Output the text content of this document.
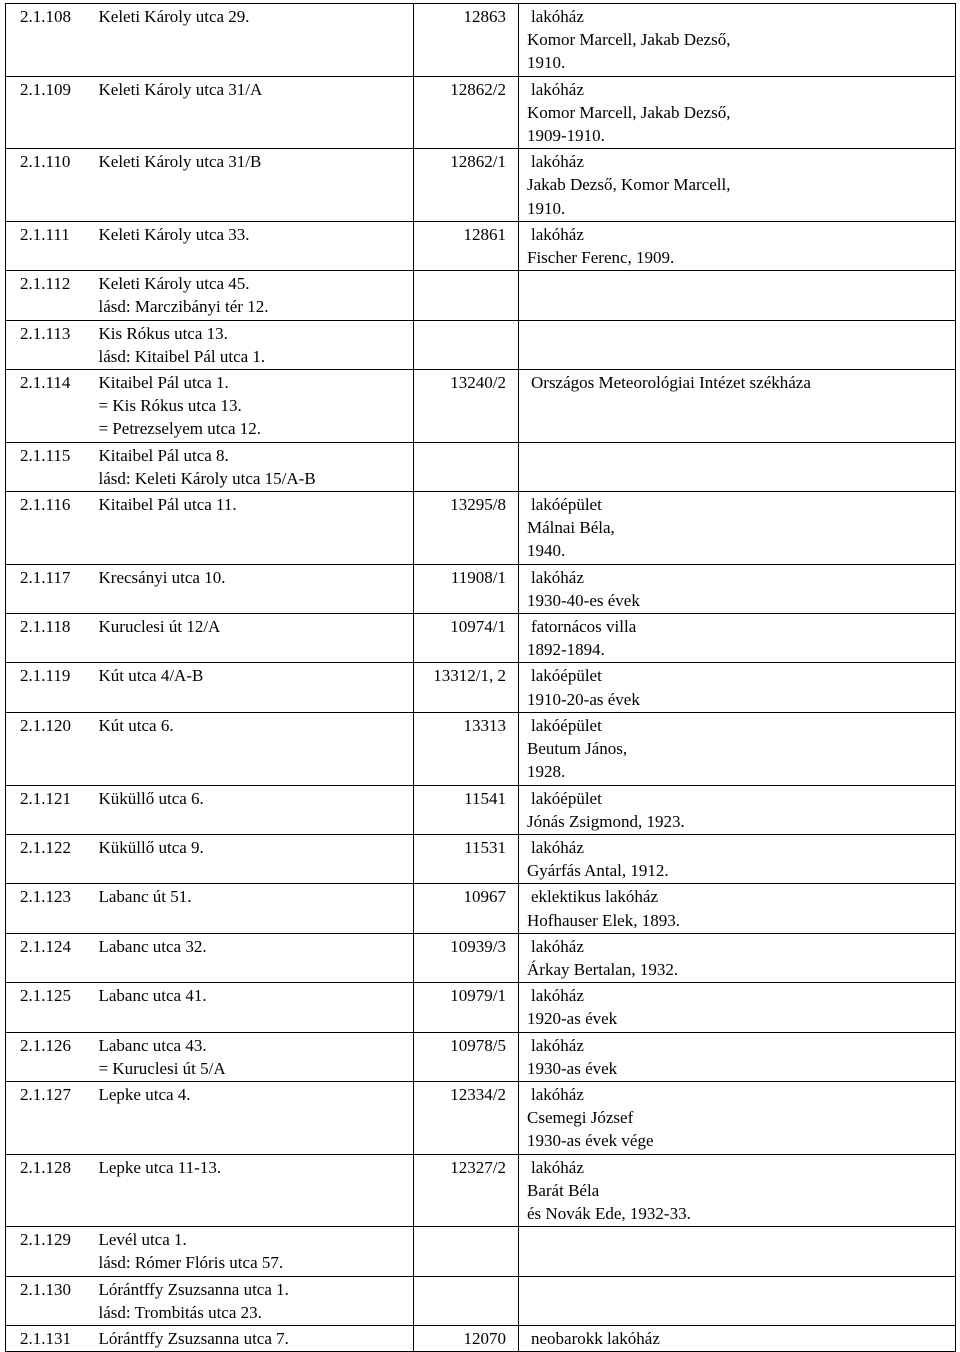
2.1.108	Keleti Károly utca 29.	12863	lakóház
Komor Marcell, Jakab Dezső,
1910.

2.1.109	Keleti Károly utca 31/A	12862/2	lakóház
Komor Marcell, Jakab Dezső,
1909-1910.

2.1.110	Keleti Károly utca 31/B	12862/1	lakóház
Jakab Dezső, Komor Marcell,
1910.

2.1.111	Keleti Károly utca 33.	12861	lakóház
Fischer Ferenc, 1909.

2.1.112	Keleti Károly utca 45.
lásd: Marczibányi tér 12.		

2.1.113	Kis Rókus utca 13.
lásd: Kitaibel Pál utca 1.		

2.1.114	Kitaibel Pál utca 1.
= Kis Rókus utca 13.
= Petrezselyem utca 12.	13240/2	Országos Meteorológiai Intézet székháza

2.1.115	Kitaibel Pál utca 8.
lásd: Keleti Károly utca 15/A-B		

2.1.116	Kitaibel Pál utca 11.	13295/8	lakóépület
Málnai Béla,
1940.

2.1.117	Krecsányi utca 10.	11908/1	lakóház
1930-40-es évek

2.1.118	Kuruclesi út 12/A	10974/1	fatornácos villa
1892-1894.

2.1.119	Kút utca 4/A-B	13312/1, 2	lakóépület
1910-20-as évek

2.1.120	Kút utca 6.	13313	lakóépület
Beutum János,
1928.

2.1.121	Küküllő utca 6.	11541	lakóépület
Jónás Zsigmond, 1923.

2.1.122	Küküllő utca 9.	11531	lakóház
Gyárfás Antal, 1912.

2.1.123	Labanc út 51.	10967	eklektikus lakóház
Hofhauser Elek, 1893.

2.1.124	Labanc utca 32.	10939/3	lakóház
Árkay Bertalan, 1932.

2.1.125	Labanc utca 41.	10979/1	lakóház
1920-as évek

2.1.126	Labanc utca 43.
= Kuruclesi út 5/A	10978/5	lakóház
1930-as évek

2.1.127	Lepke utca 4.	12334/2	lakóház
Csemegi József
1930-as évek vége

2.1.128	Lepke utca 11-13.	12327/2	lakóház
Barát Béla
és Novák Ede, 1932-33.

2.1.129	Levél utca 1.
lásd: Rómer Flóris utca 57.		

2.1.130	Lórántffy Zsuzsanna utca 1.
lásd: Trombitás utca 23.		

2.1.131	Lórántffy Zsuzsanna utca 7.	12070	neobarokk lakóház
